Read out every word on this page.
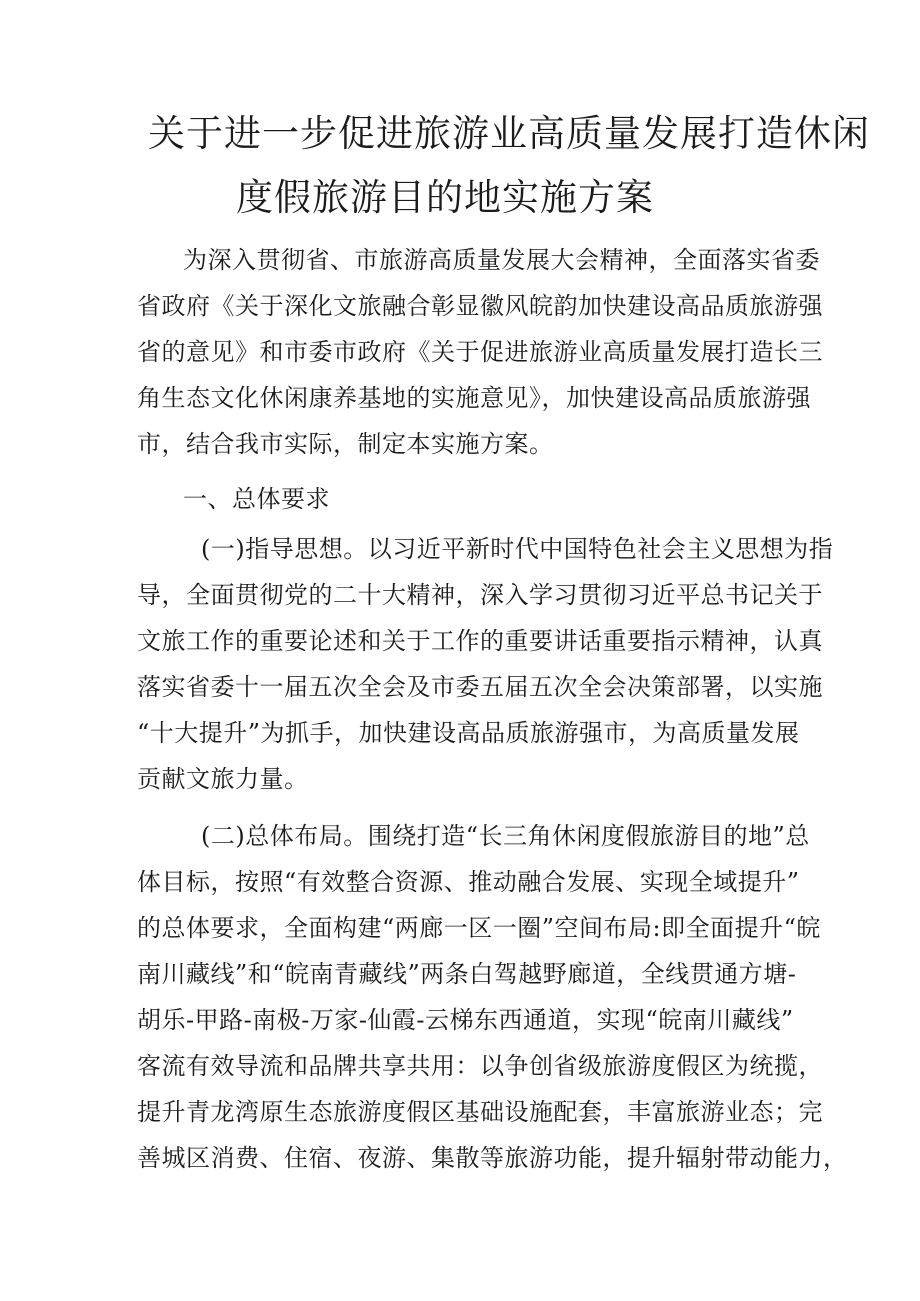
关于进一步促进旅游业高质量发展打造休闲
度假旅游目的地实施方案
为深入贯彻省、市旅游高质量发展大会精神，全面落实省委
省政府《关于深化文旅融合彰显徽风皖韵加快建设高品质旅游强
省的意见》和市委市政府《关于促进旅游业高质量发展打造长三
角生态文化休闲康养基地的实施意见》，加快建设高品质旅游强
市，结合我市实际，制定本实施方案。
一、总体要求
(一)指导思想。以习近平新时代中国特色社会主义思想为指
导，全面贯彻党的二十大精神，深入学习贯彻习近平总书记关于
文旅工作的重要论述和关于工作的重要讲话重要指示精神，认真
落实省委十一届五次全会及市委五届五次全会决策部署，以实施
“十大提升”为抓手，加快建设高品质旅游强市，为高质量发展
贡献文旅力量。
(二)总体布局。围绕打造“长三角休闲度假旅游目的地”总
体目标，按照“有效整合资源、推动融合发展、实现全域提升”
的总体要求，全面构建“两廊一区一圈”空间布局:即全面提升“皖
南川藏线”和“皖南青藏线”两条白驾越野廊道，全线贯通方塘-
胡乐-甲路-南极-万家-仙霞-云梯东西通道，实现“皖南川藏线”
客流有效导流和品牌共享共用：以争创省级旅游度假区为统揽，
提升青龙湾原生态旅游度假区基础设施配套，丰富旅游业态；完
善城区消费、住宿、夜游、集散等旅游功能，提升辐射带动能力，
